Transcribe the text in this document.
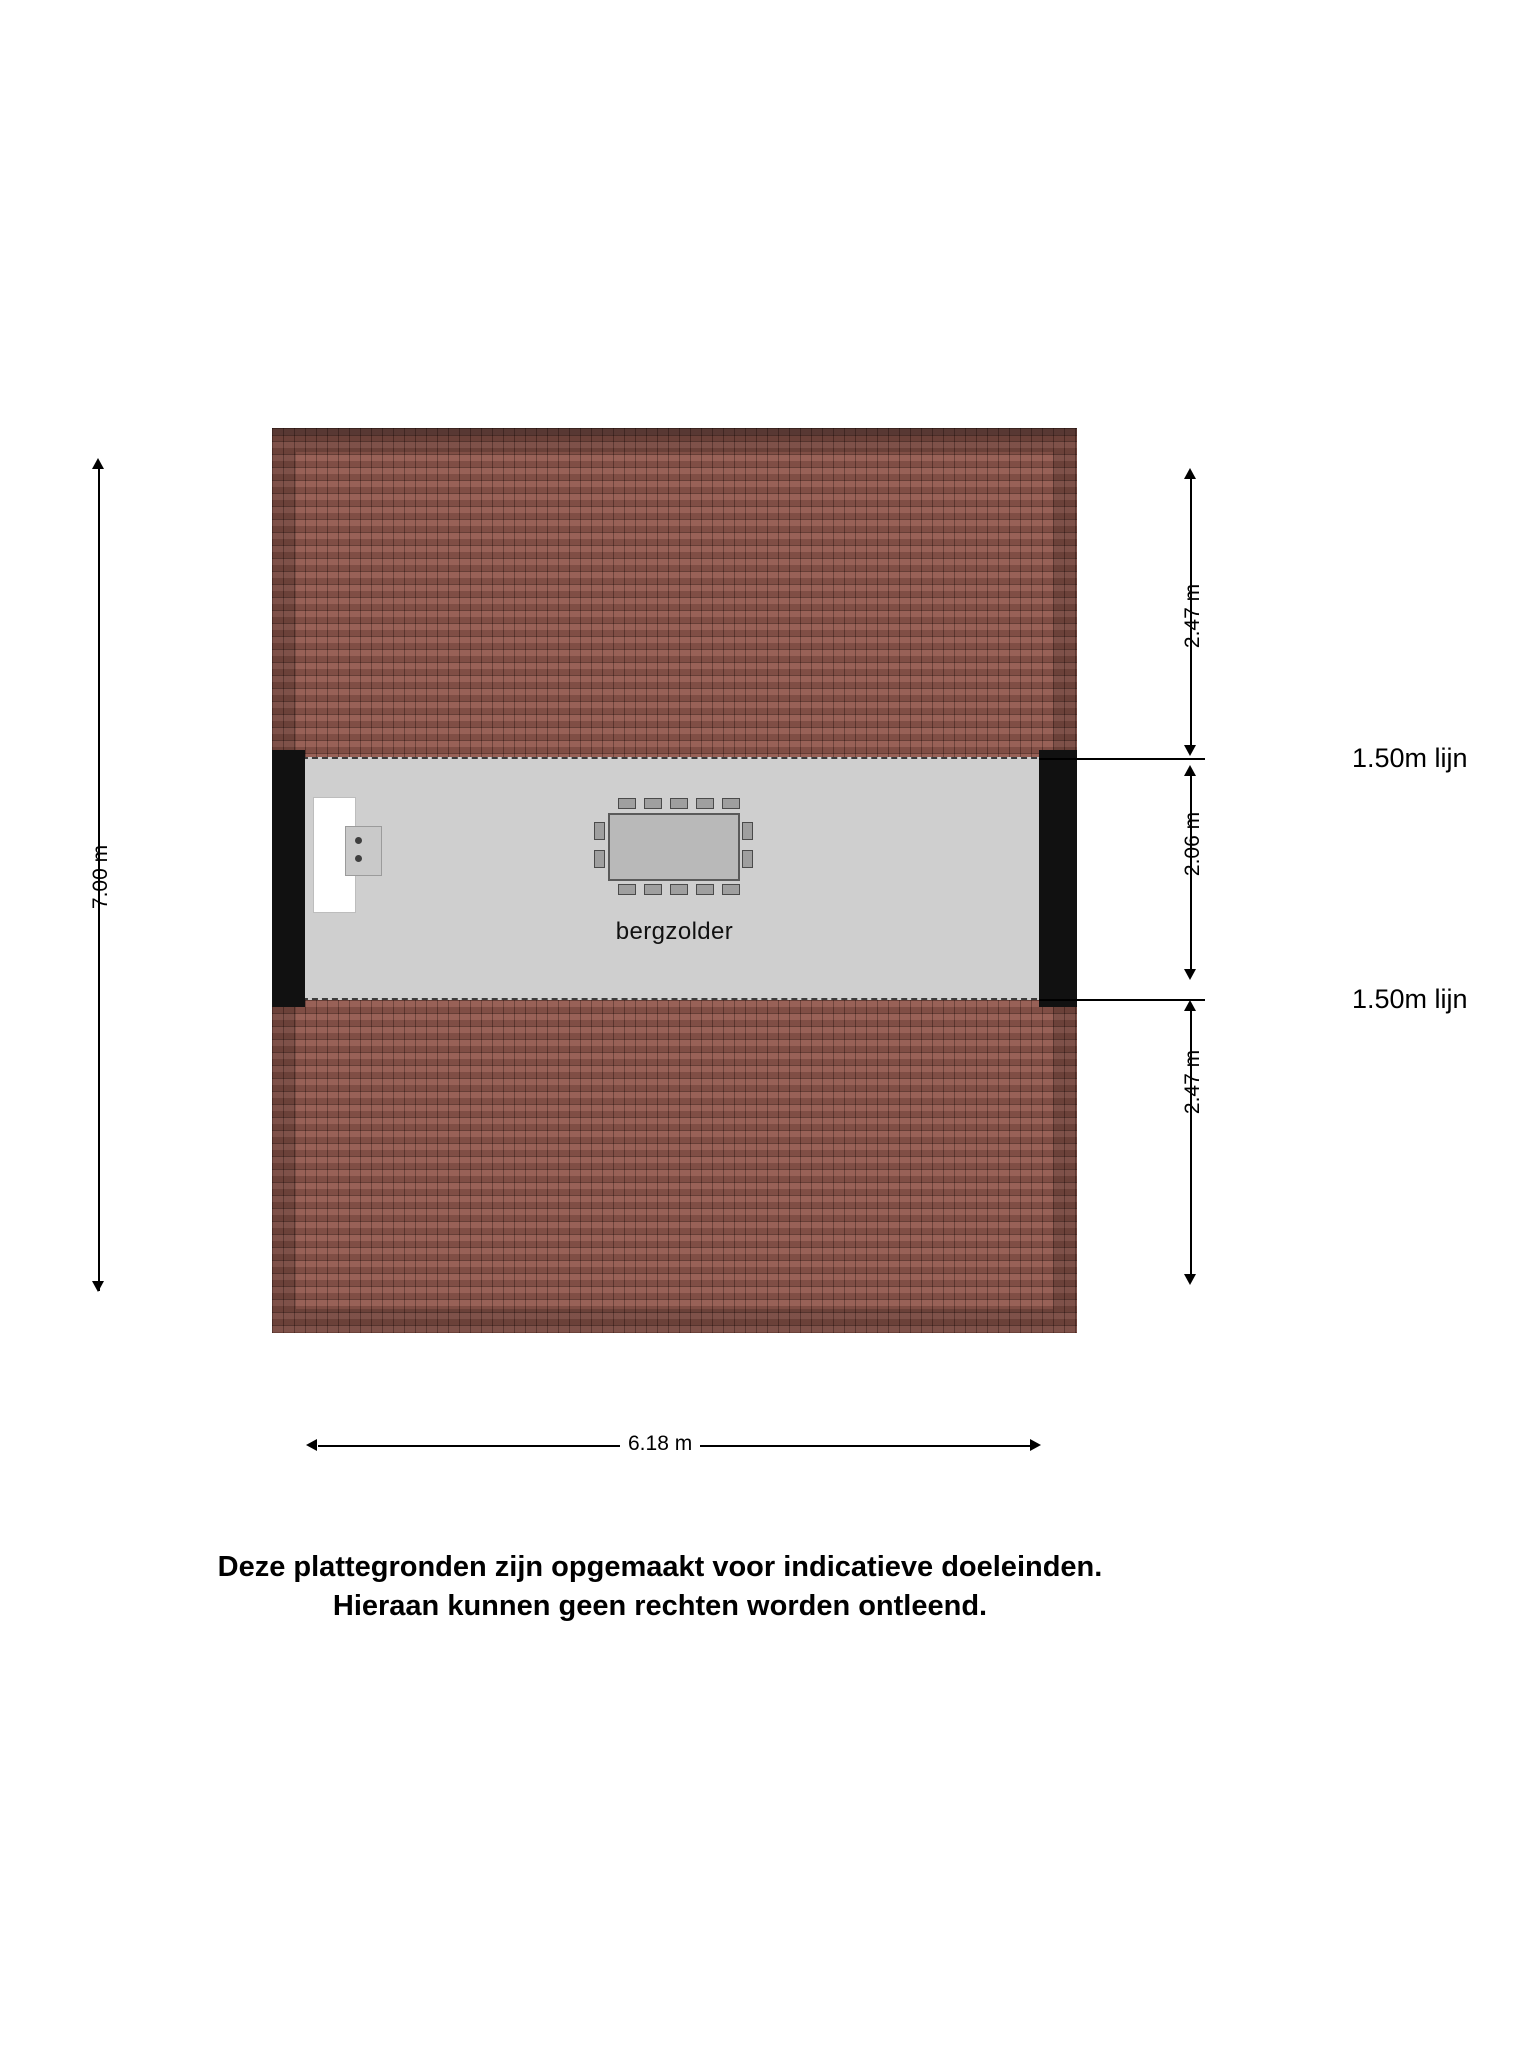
bergzolder
7.00 m
2.47 m
2.06 m
2.47 m
1.50m lijn
1.50m lijn
6.18 m
Deze plattegronden zijn opgemaakt voor indicatieve doeleinden.
Hieraan kunnen geen rechten worden ontleend.
